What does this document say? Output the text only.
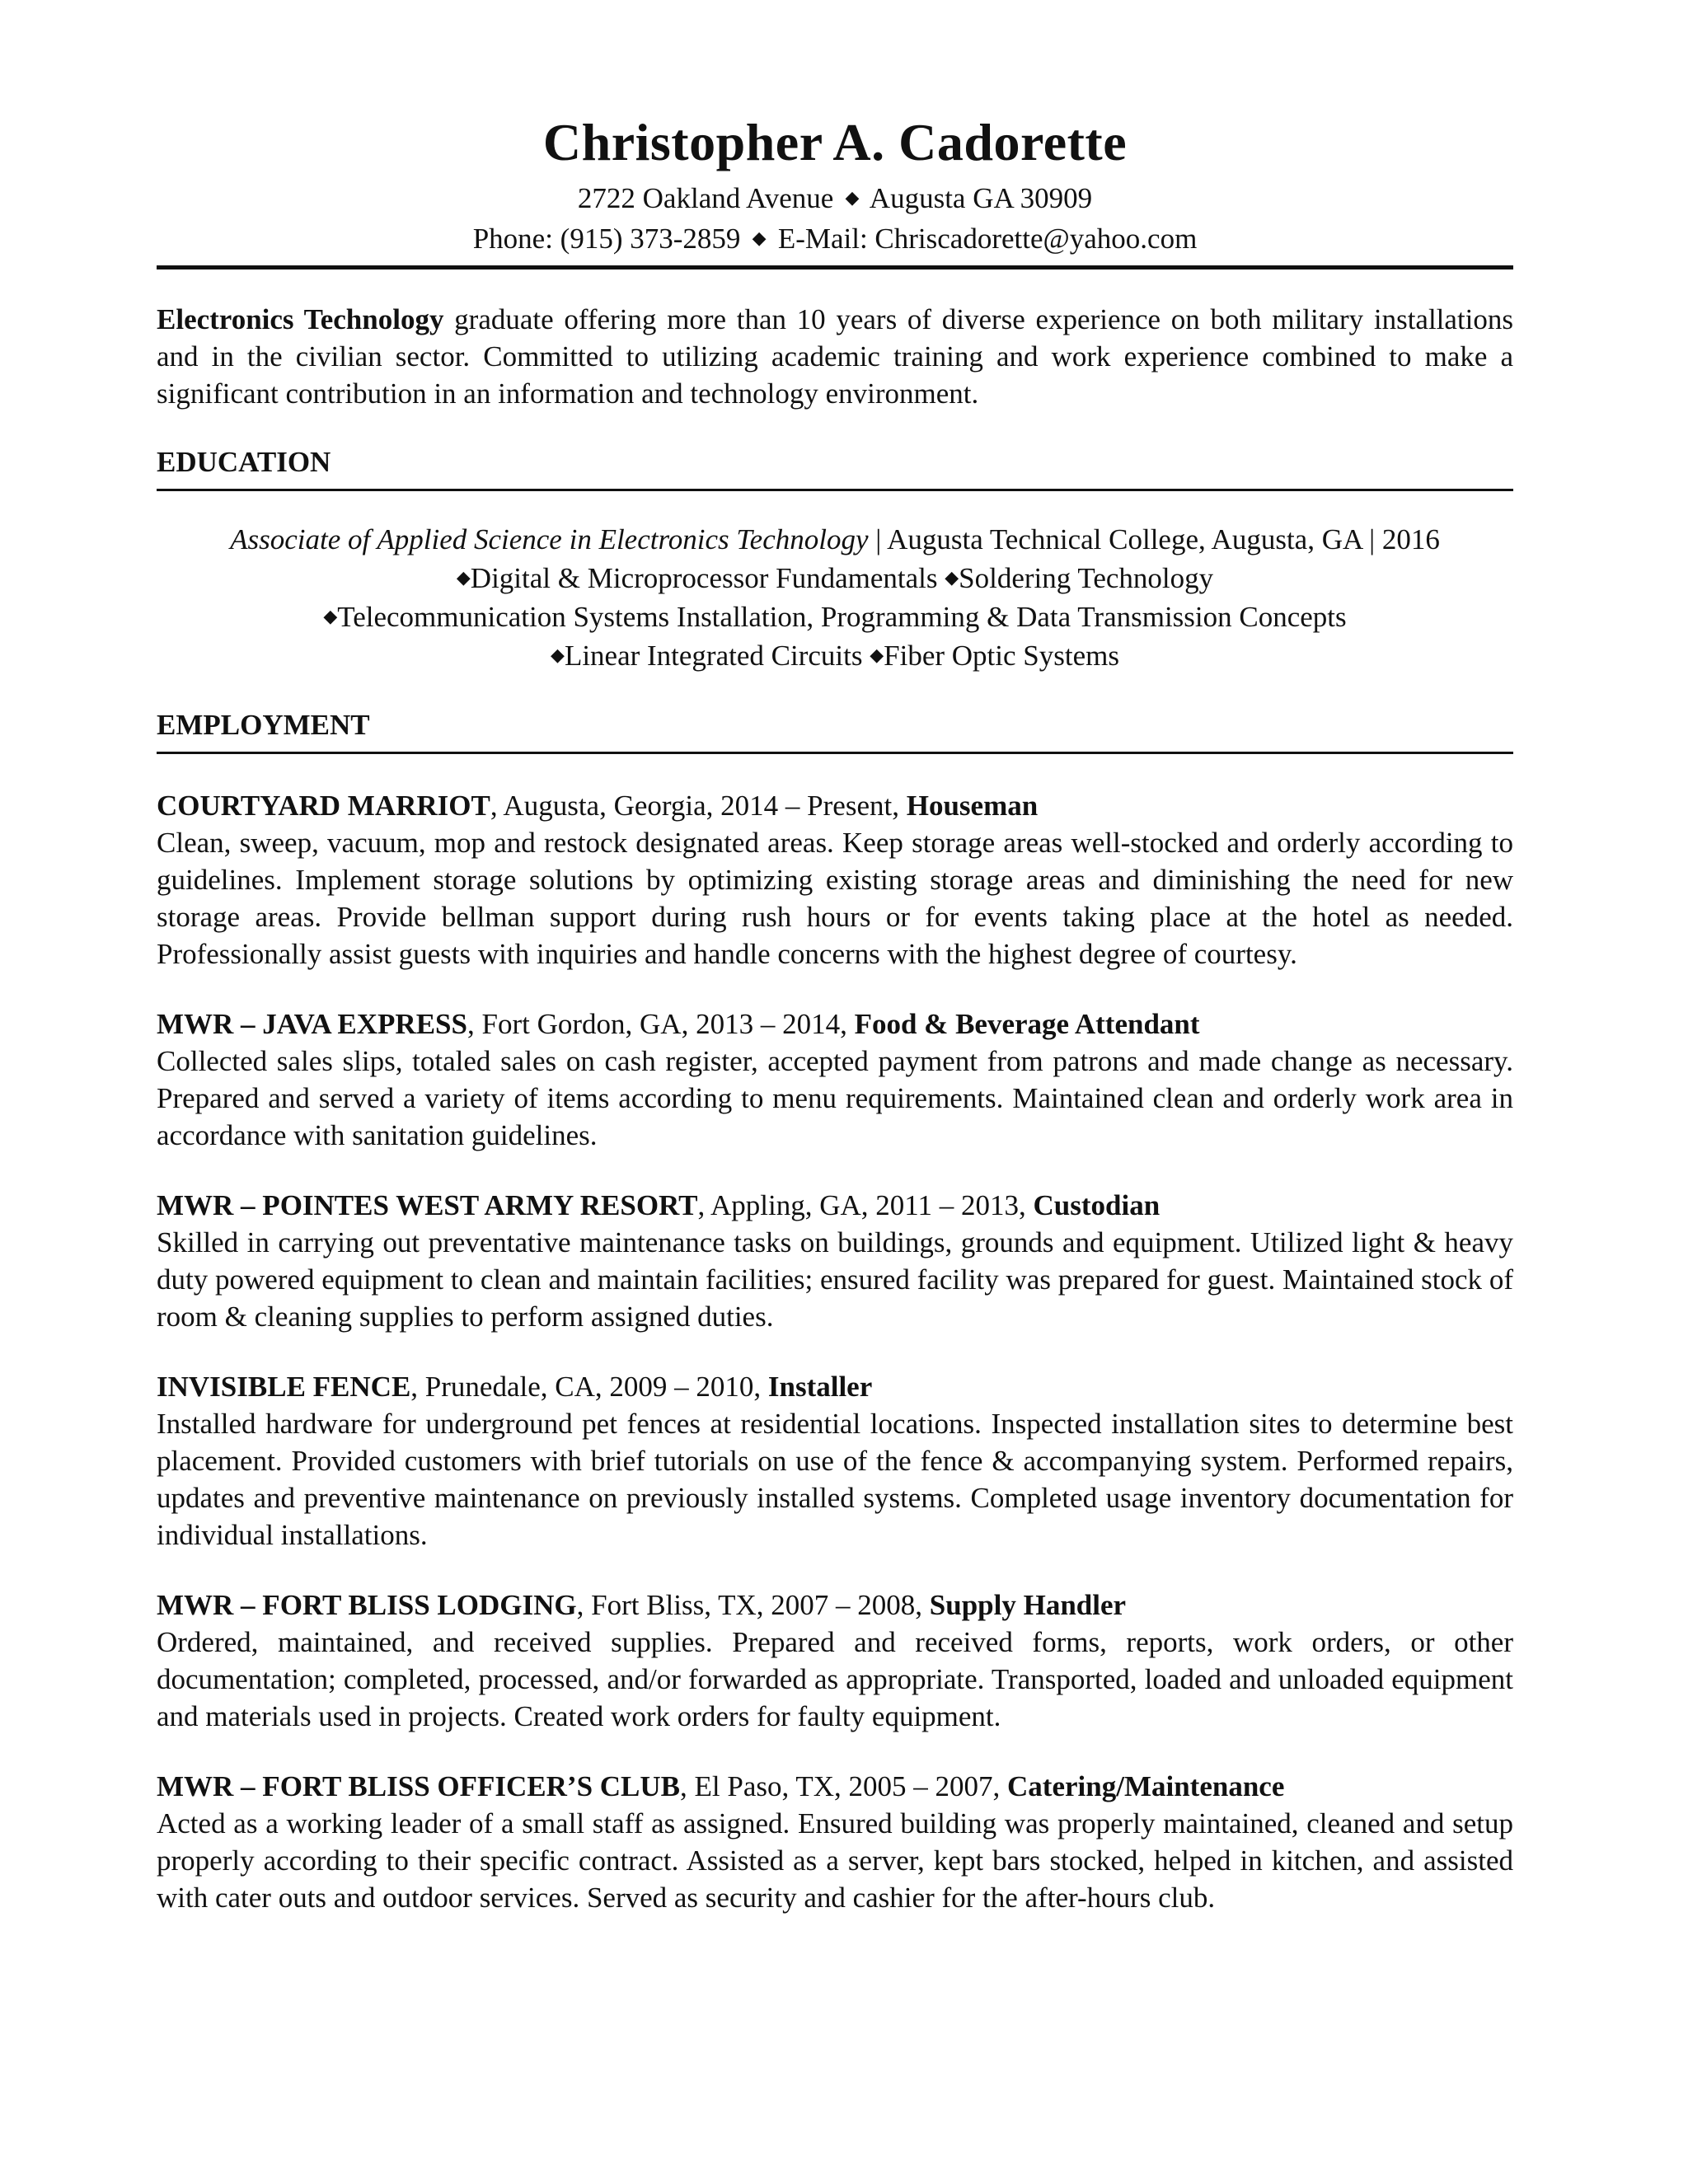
Christopher A. Cadorette

2722 Oakland Avenue  ◆  Augusta GA 30909

Phone: (915) 373-2859  ◆  E-Mail: Chriscadorette@yahoo.com

Electronics Technology graduate offering more than 10 years of diverse experience on both military installations and in the civilian sector. Committed to utilizing academic training and work experience combined to make a significant contribution in an information and technology environment.

EDUCATION
Associate of Applied Science in Electronics Technology | Augusta Technical College, Augusta, GA | 2016
◆Digital & Microprocessor Fundamentals ◆Soldering Technology
◆Telecommunication Systems Installation, Programming & Data Transmission Concepts
◆Linear Integrated Circuits ◆Fiber Optic Systems
EMPLOYMENT

COURTYARD MARRIOT, Augusta, Georgia, 2014 – Present, Houseman

Clean, sweep, vacuum, mop and restock designated areas. Keep storage areas well-stocked and orderly according to guidelines. Implement storage solutions by optimizing existing storage areas and diminishing the need for new storage areas. Provide bellman support during rush hours or for events taking place at the hotel as needed. Professionally assist guests with inquiries and handle concerns with the highest degree of courtesy.

MWR – JAVA EXPRESS, Fort Gordon, GA, 2013 – 2014, Food & Beverage Attendant

Collected sales slips, totaled sales on cash register, accepted payment from patrons and made change as necessary. Prepared and served a variety of items according to menu requirements. Maintained clean and orderly work area in accordance with sanitation guidelines.

MWR – POINTES WEST ARMY RESORT, Appling, GA, 2011 – 2013, Custodian

Skilled in carrying out preventative maintenance tasks on buildings, grounds and equipment. Utilized light & heavy duty powered equipment to clean and maintain facilities; ensured facility was prepared for guest. Maintained stock of room & cleaning supplies to perform assigned duties.

INVISIBLE FENCE, Prunedale, CA, 2009 – 2010, Installer

Installed hardware for underground pet fences at residential locations. Inspected installation sites to determine best placement. Provided customers with brief tutorials on use of the fence & accompanying system. Performed repairs, updates and preventive maintenance on previously installed systems. Completed usage inventory documentation for individual installations.

MWR – FORT BLISS LODGING, Fort Bliss, TX, 2007 – 2008, Supply Handler

Ordered, maintained, and received supplies. Prepared and received forms, reports, work orders, or other documentation; completed, processed, and/or forwarded as appropriate. Transported, loaded and unloaded equipment and materials used in projects. Created work orders for faulty equipment.

MWR – FORT BLISS OFFICER’S CLUB, El Paso, TX, 2005 – 2007, Catering/Maintenance

Acted as a working leader of a small staff as assigned. Ensured building was properly maintained, cleaned and setup properly according to their specific contract. Assisted as a server, kept bars stocked, helped in kitchen, and assisted with cater outs and outdoor services. Served as security and cashier for the after-hours club.
